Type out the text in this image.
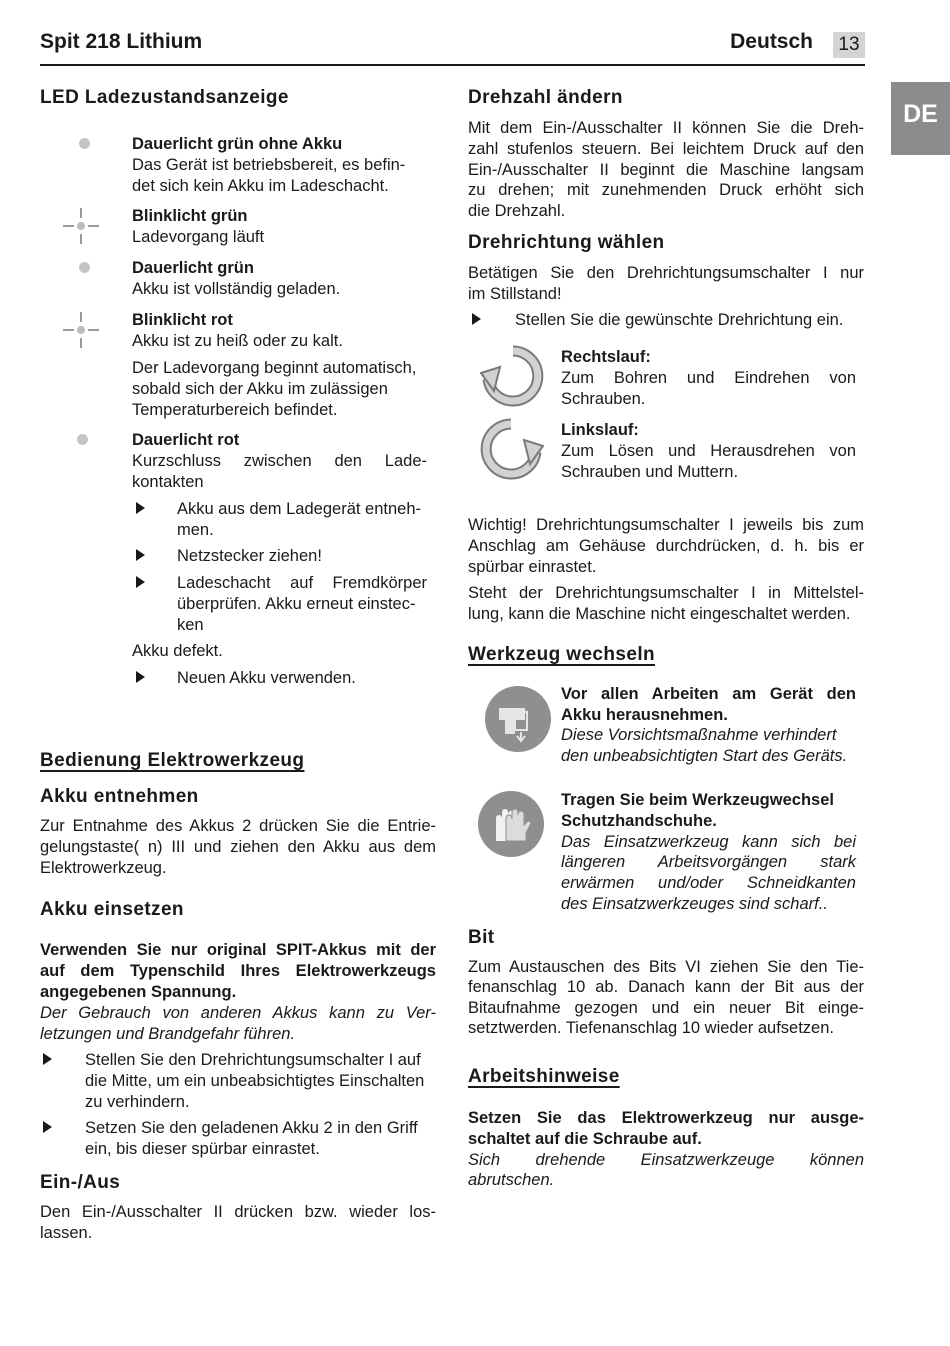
Spit 218 Lithium	Deutsch 13
DE
LED Ladezustandsanzeige

Dauerlicht grün ohne Akku

Das Gerät ist betriebsbereit, es befin-

det sich kein Akku im Ladeschacht.

Blinklicht grün

Ladevorgang läuft

Dauerlicht grün

Akku ist vollständig geladen.

Blinklicht rot

Akku ist zu heiß oder zu kalt.

Der Ladevorgang beginnt automatisch,

sobald sich der Akku im zulässigen

Temperaturbereich befindet.

Dauerlicht rot

Kurzschluss zwischen den Lade-

kontakten

Akku aus dem Ladegerät entneh-

men.

Netzstecker ziehen!

Ladeschacht auf Fremdkörper

überprüfen. Akku erneut einstec-

ken

Akku defekt.

Neuen Akku verwenden.

Bedienung Elektrowerkzeug
Akku entnehmen

Zur Entnahme des Akkus 2 drücken Sie die Entrie-

gelungstaste( n) III und ziehen den Akku aus dem

Elektrowerkzeug.

Akku einsetzen

Verwenden Sie nur original SPIT-Akkus mit der

auf dem Typenschild Ihres Elektrowerkzeugs

angegebenen Spannung.

Der Gebrauch von anderen Akkus kann zu Ver-

letzungen und Brandgefahr führen.

Stellen Sie den Drehrichtungsumschalter I auf

die Mitte, um ein unbeabsichtigtes Einschalten

zu verhindern.

Setzen Sie den geladenen Akku 2 in den Griff

ein, bis dieser spürbar einrastet.

Ein-/Aus

Den Ein-/Ausschalter II drücken bzw. wieder los-

lassen.

Drehzahl ändern

Mit dem Ein-/Ausschalter II können Sie die Dreh-

zahl stufenlos steuern. Bei leichtem Druck auf den

Ein-/Ausschalter II beginnt die Maschine langsam

zu drehen; mit zunehmenden Druck erhöht sich

die Drehzahl.

Drehrichtung wählen

Betätigen Sie den Drehrichtungsumschalter I nur

im Stillstand!

Stellen Sie die gewünschte Drehrichtung ein.

Rechtslauf:

Zum Bohren und Eindrehen von

Schrauben.

Linkslauf:

Zum Lösen und Herausdrehen von

Schrauben und Muttern.

Wichtig! Drehrichtungsumschalter I jeweils bis zum

Anschlag am Gehäuse durchdrücken, d. h. bis er

spürbar einrastet.

Steht der Drehrichtungsumschalter I in Mittelstel-

lung, kann die Maschine nicht eingeschaltet werden.

Werkzeug wechseln

Vor allen Arbeiten am Gerät den

Akku herausnehmen.

Diese Vorsichtsmaßnahme verhindert

den unbeabsichtigten Start des Geräts.

Tragen Sie beim Werkzeugwechsel

Schutzhandschuhe.

Das Einsatzwerkzeug kann sich bei

längeren Arbeitsvorgängen stark

erwärmen und/oder Schneidkanten

des Einsatzwerkzeuges sind scharf..

Bit

Zum Austauschen des Bits VI ziehen Sie den Tie-

fenanschlag 10 ab. Danach kann der Bit aus der

Bitaufnahme gezogen und ein neuer Bit einge-

setztwerden. Tiefenanschlag 10 wieder aufsetzen.

Arbeitshinweise

Setzen Sie das Elektrowerkzeug nur ausge-

schaltet auf die Schraube auf.

Sich drehende Einsatzwerkzeuge können

abrutschen.
